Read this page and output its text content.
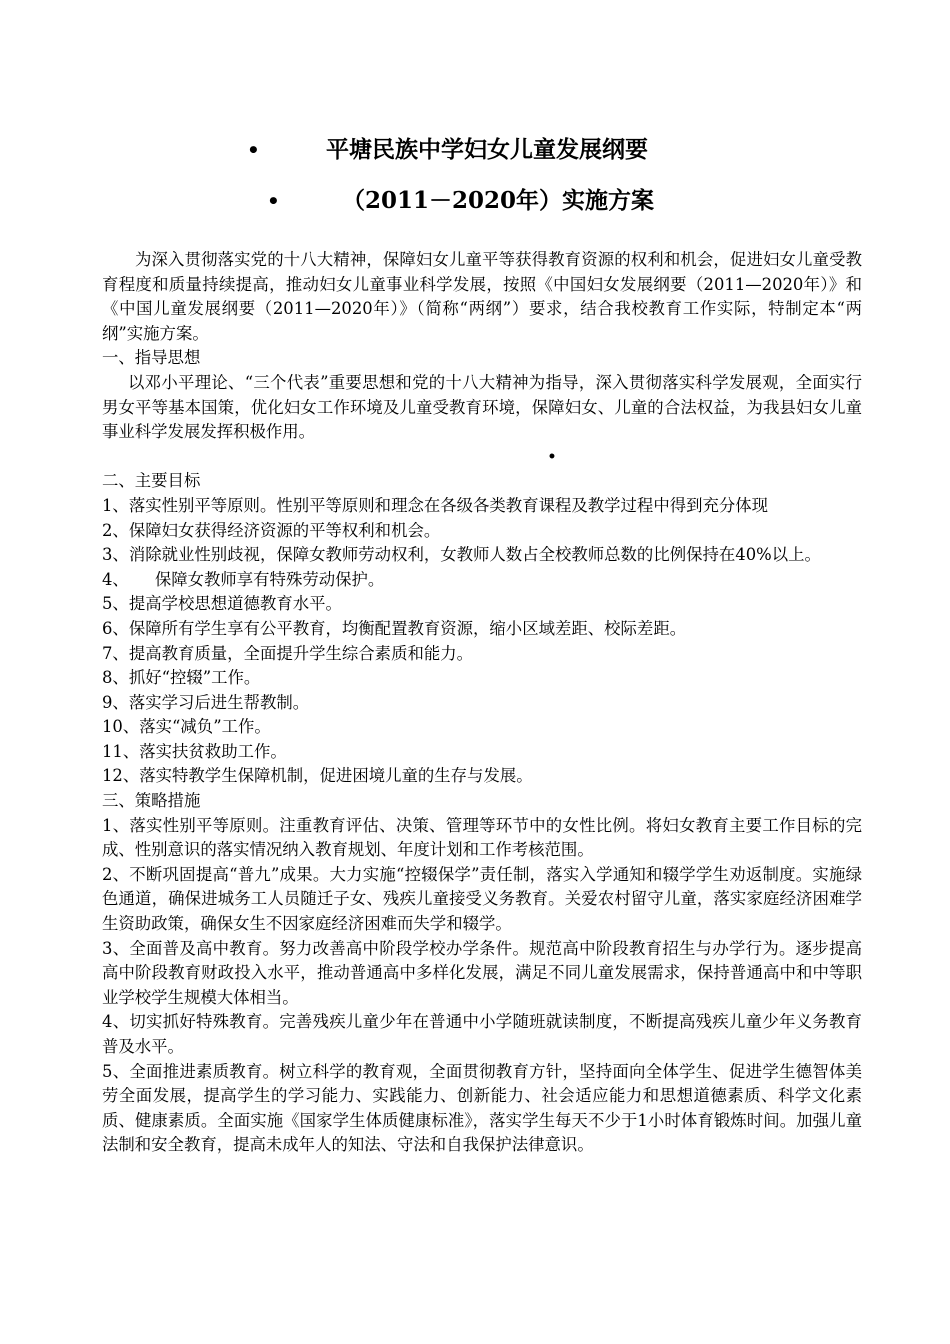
•	平塘民族中学妇女儿童发展纲要
•	（2011－2020年）实施方案

为深入贯彻落实党的十八大精神，保障妇女儿童平等获得教育资源的权利和机会，促进妇女儿童受教育程度和质量持续提高，推动妇女儿童事业科学发展，按照《中国妇女发展纲要（2011—2020年）》和《中国儿童发展纲要（2011—2020年）》（简称“两纲”）要求，结合我校教育工作实际，特制定本“两纲”实施方案。

一、指导思想

以邓小平理论、“三个代表”重要思想和党的十八大精神为指导，深入贯彻落实科学发展观，全面实行男女平等基本国策，优化妇女工作环境及儿童受教育环境，保障妇女、儿童的合法权益，为我县妇女儿童事业科学发展发挥积极作用。

•

二、主要目标

1、落实性别平等原则。性别平等原则和理念在各级各类教育课程及教学过程中得到充分体现

2、保障妇女获得经济资源的平等权利和机会。

3、消除就业性别歧视，保障女教师劳动权利，女教师人数占全校教师总数的比例保持在40%以上。

4、 保障女教师享有特殊劳动保护。

5、提高学校思想道德教育水平。

6、保障所有学生享有公平教育，均衡配置教育资源，缩小区域差距、校际差距。

7、提高教育质量，全面提升学生综合素质和能力。

8、抓好“控辍”工作。

9、落实学习后进生帮教制。

10、落实“减负”工作。

11、落实扶贫救助工作。

12、落实特教学生保障机制，促进困境儿童的生存与发展。

三、策略措施

1、落实性别平等原则。注重教育评估、决策、管理等环节中的女性比例。将妇女教育主要工作目标的完成、性别意识的落实情况纳入教育规划、年度计划和工作考核范围。

2、不断巩固提高“普九”成果。大力实施“控辍保学”责任制，落实入学通知和辍学学生劝返制度。实施绿色通道，确保进城务工人员随迁子女、残疾儿童接受义务教育。关爱农村留守儿童，落实家庭经济困难学生资助政策，确保女生不因家庭经济困难而失学和辍学。

3、全面普及高中教育。努力改善高中阶段学校办学条件。规范高中阶段教育招生与办学行为。逐步提高高中阶段教育财政投入水平，推动普通高中多样化发展，满足不同儿童发展需求，保持普通高中和中等职业学校学生规模大体相当。

4、切实抓好特殊教育。完善残疾儿童少年在普通中小学随班就读制度，不断提高残疾儿童少年义务教育普及水平。

5、全面推进素质教育。树立科学的教育观，全面贯彻教育方针，坚持面向全体学生、促进学生德智体美劳全面发展，提高学生的学习能力、实践能力、创新能力、社会适应能力和思想道德素质、科学文化素质、健康素质。全面实施《国家学生体质健康标准》，落实学生每天不少于1小时体育锻炼时间。加强儿童法制和安全教育，提高未成年人的知法、守法和自我保护法律意识。
